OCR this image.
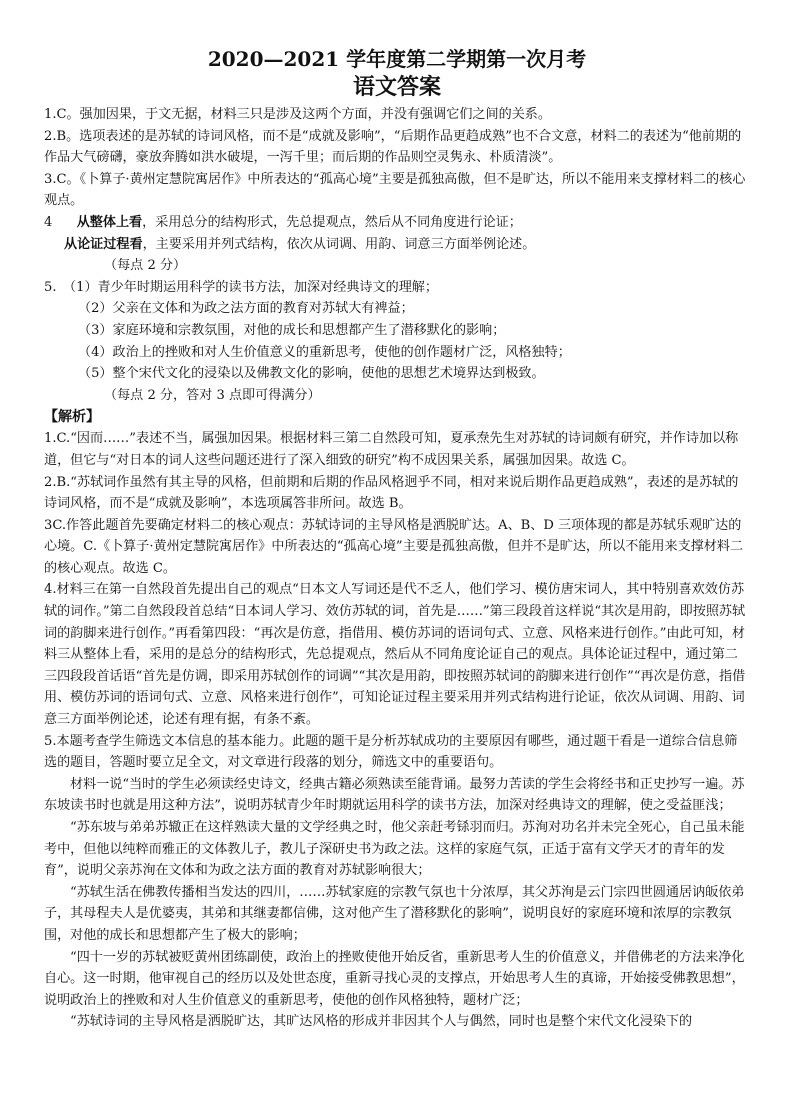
2020—2021 学年度第二学期第一次月考
语文答案

1.C。强加因果，于文无据，材料三只是涉及这两个方面，并没有强调它们之间的关系。

2.B。选项表述的是苏轼的诗词风格，而不是“成就及影响”，“后期作品更趋成熟”也不合文意，材料二的表述为“他前期的作品大气磅礴，豪放奔腾如洪水破堤，一泻千里；而后期的作品则空灵隽永、朴质清淡”。

3.C。《卜算子·黄州定慧院寓居作》中所表达的“孤高心境”主要是孤独高傲，但不是旷达，所以不能用来支撑材料二的核心观点。

4 从整体上看，采用总分的结构形式，先总提观点，然后从不同角度进行论证；

从论证过程看，主要采用并列式结构，依次从词调、用韵、词意三方面举例论述。

（每点 2 分）

5.　（1）青少年时期运用科学的读书方法，加深对经典诗文的理解；

（2）父亲在文体和为政之法方面的教育对苏轼大有裨益；

（3）家庭环境和宗教氛围，对他的成长和思想都产生了潜移默化的影响；

（4）政治上的挫败和对人生价值意义的重新思考，使他的创作题材广泛，风格独特；

（5）整个宋代文化的浸染以及佛教文化的影响，使他的思想艺术境界达到极致。

（每点 2 分，答对 3 点即可得满分）

【解析】

1.C.“因而……”表述不当，属强加因果。根据材料三第二自然段可知，夏承焘先生对苏轼的诗词颇有研究，并作诗加以称道，但它与“对日本的词人这些问题还进行了深入细致的研究”构不成因果关系，属强加因果。故选 C。

2.B.“苏轼词作虽然有其主导的风格，但前期和后期的作品风格迥乎不同，相对来说后期作品更趋成熟”，表述的是苏轼的诗词风格，而不是“成就及影响”，本选项属答非所问。故选 B。

3C.作答此题首先要确定材料二的核心观点：苏轼诗词的主导风格是洒脱旷达。A、B、D 三项体现的都是苏轼乐观旷达的心境。C.《卜算子·黄州定慧院寓居作》中所表达的“孤高心境”主要是孤独高傲，但并不是旷达，所以不能用来支撑材料二的核心观点。故选 C。

4.材料三在第一自然段首先提出自己的观点“日本文人写词还是代不乏人，他们学习、模仿唐宋词人，其中特别喜欢效仿苏轼的词作。”第二自然段段首总结“日本词人学习、效仿苏轼的词，首先是……”第三段段首这样说“其次是用韵，即按照苏轼词的韵脚来进行创作。”再看第四段：“再次是仿意，指借用、模仿苏词的语词句式、立意、风格来进行创作。”由此可知，材料三从整体上看，采用的是总分的结构形式，先总提观点，然后从不同角度论证自己的观点。具体论证过程中，通过第二三四段段首话语“首先是仿调，即采用苏轼创作的词调”“其次是用韵，即按照苏轼词的韵脚来进行创作”“再次是仿意，指借用、模仿苏词的语词句式、立意、风格来进行创作”，可知论证过程主要采用并列式结构进行论证，依次从词调、用韵、词意三方面举例论述，论述有理有据，有条不紊。

5.本题考查学生筛选文本信息的基本能力。此题的题干是分析苏轼成功的主要原因有哪些，通过题干看是一道综合信息筛选的题目，答题时要立足全文，对文章进行段落的划分，筛选文中的重要语句。

材料一说“当时的学生必须读经史诗文，经典古籍必须熟读至能背诵。最努力苦读的学生会将经书和正史抄写一遍。苏东坡读书时也就是用这种方法”，说明苏轼青少年时期就运用科学的读书方法，加深对经典诗文的理解，使之受益匪浅；

“苏东坡与弟弟苏辙正在这样熟读大量的文学经典之时，他父亲赶考铩羽而归。苏洵对功名并未完全死心，自己虽未能考中，但他以纯粹而雅正的文体教儿子，教儿子深研史书为政之法。这样的家庭气氛，正适于富有文学天才的青年的发育”，说明父亲苏洵在文体和为政之法方面的教育对苏轼影响很大；

“苏轼生活在佛教传播相当发达的四川，……苏轼家庭的宗教气氛也十分浓厚，其父苏洵是云门宗四世圆通居讷皈依弟子，其母程夫人是优婆夷，其弟和其继妻都信佛，这对他产生了潜移默化的影响”，说明良好的家庭环境和浓厚的宗教氛围，对他的成长和思想都产生了极大的影响；

“四十一岁的苏轼被贬黄州团练副使，政治上的挫败使他开始反省，重新思考人生的价值意义，并借佛老的方法来净化自心。这一时期，他审视自己的经历以及处世态度，重新寻找心灵的支撑点，开始思考人生的真谛，开始接受佛教思想”，说明政治上的挫败和对人生价值意义的重新思考，使他的创作风格独特，题材广泛；

“苏轼诗词的主导风格是洒脱旷达，其旷达风格的形成并非因其个人与偶然，同时也是整个宋代文化浸染下的
